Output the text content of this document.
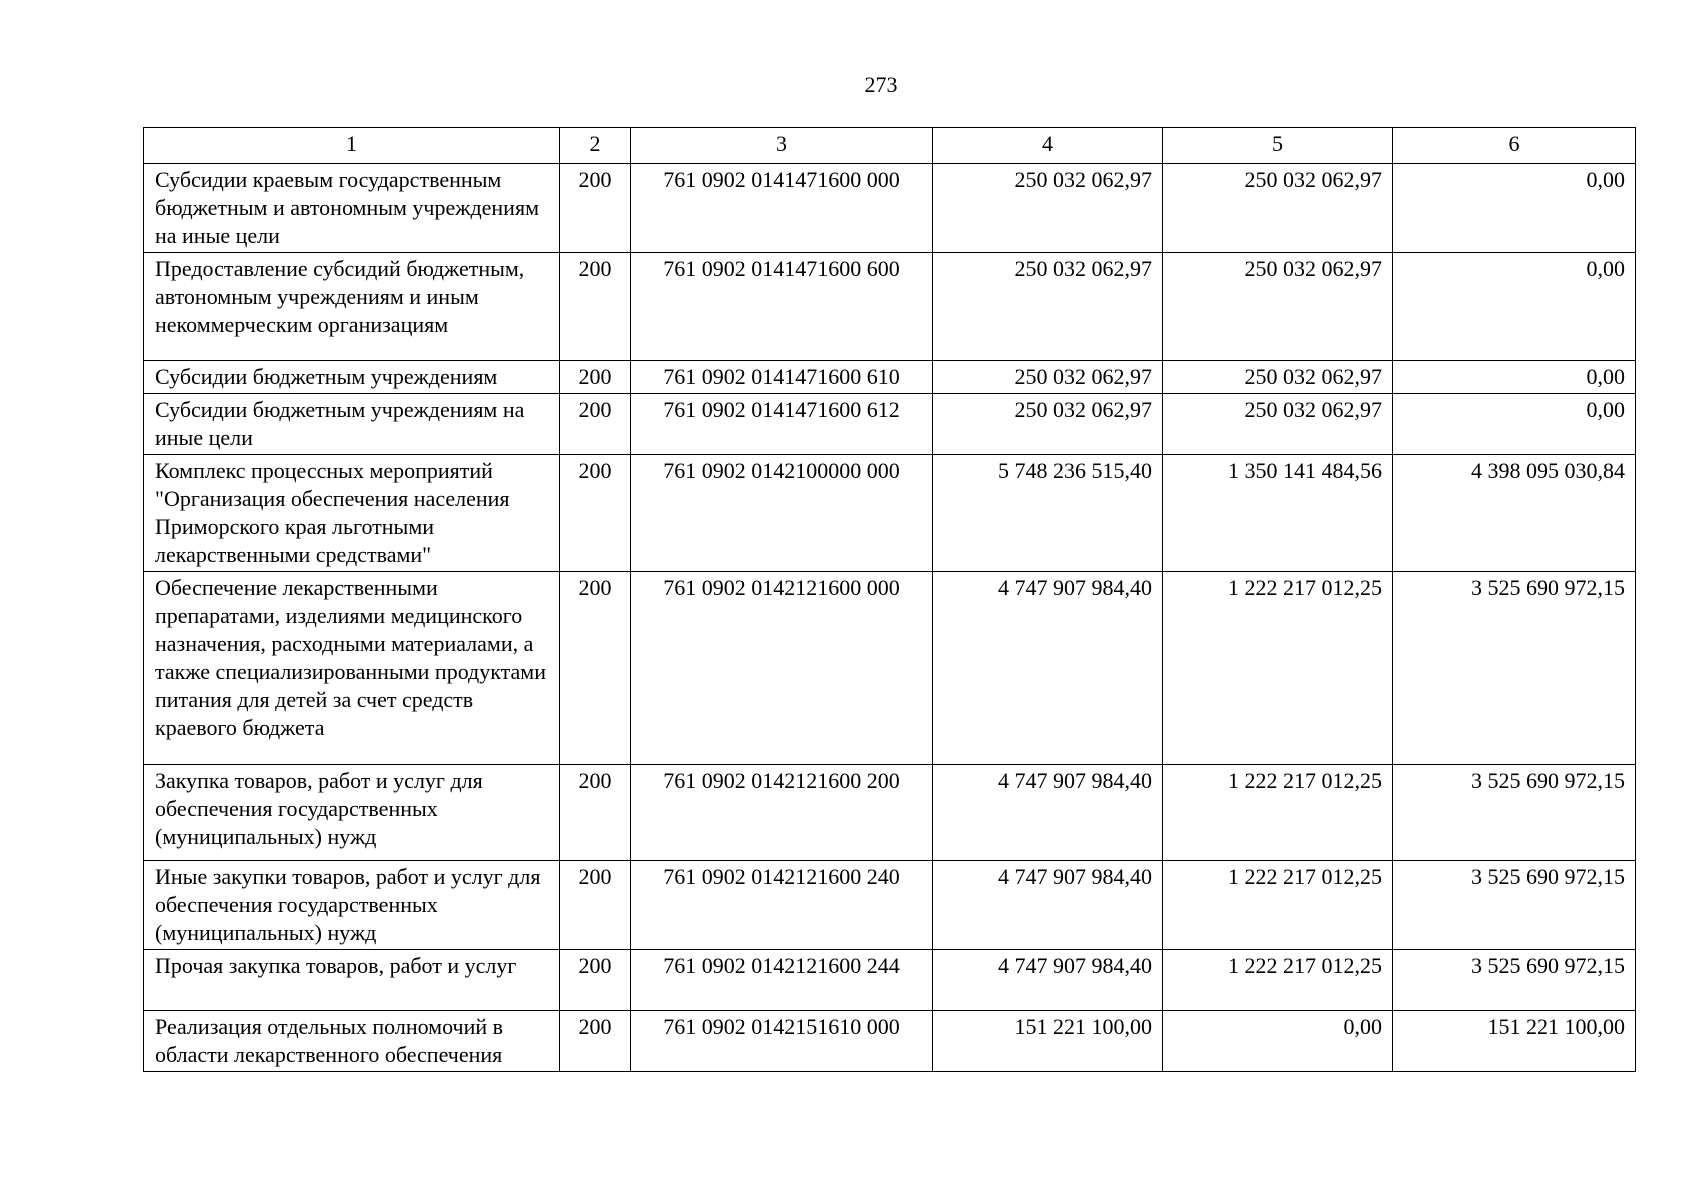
273
1	2	3	4	5	6
Субсидии краевым государственным бюджетным и автономным учреждениям на иные цели	200	761 0902 0141471600 000	250 032 062,97	250 032 062,97	0,00
Предоставление субсидий бюджетным, автономным учреждениям и иным некоммерческим организациям	200	761 0902 0141471600 600	250 032 062,97	250 032 062,97	0,00
Субсидии бюджетным учреждениям	200	761 0902 0141471600 610	250 032 062,97	250 032 062,97	0,00
Субсидии бюджетным учреждениям на иные цели	200	761 0902 0141471600 612	250 032 062,97	250 032 062,97	0,00
Комплекс процессных мероприятий "Организация обеспечения населения Приморского края льготными лекарственными средствами"	200	761 0902 0142100000 000	5 748 236 515,40	1 350 141 484,56	4 398 095 030,84
Обеспечение лекарственными препаратами, изделиями медицинского назначения, расходными материалами, а также специализированными продуктами питания для детей за счет средств краевого бюджета	200	761 0902 0142121600 000	4 747 907 984,40	1 222 217 012,25	3 525 690 972,15
Закупка товаров, работ и услуг для обеспечения государственных (муниципальных) нужд	200	761 0902 0142121600 200	4 747 907 984,40	1 222 217 012,25	3 525 690 972,15
Иные закупки товаров, работ и услуг для обеспечения государственных (муниципальных) нужд	200	761 0902 0142121600 240	4 747 907 984,40	1 222 217 012,25	3 525 690 972,15
Прочая закупка товаров, работ и услуг	200	761 0902 0142121600 244	4 747 907 984,40	1 222 217 012,25	3 525 690 972,15
Реализация отдельных полномочий в области лекарственного обеспечения	200	761 0902 0142151610 000	151 221 100,00	0,00	151 221 100,00
